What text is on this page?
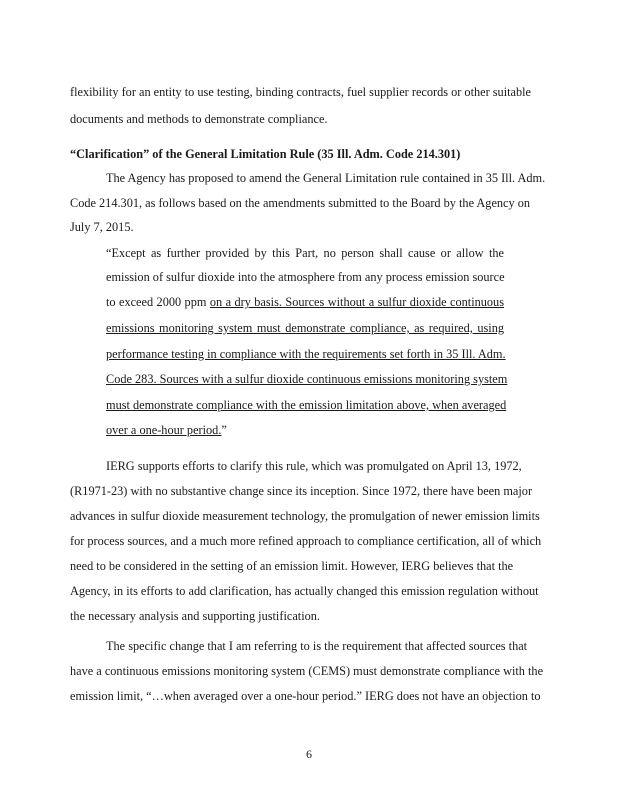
flexibility for an entity to use testing, binding contracts, fuel supplier records or other suitable
documents and methods to demonstrate compliance.
“Clarification” of the General Limitation Rule (35 Ill. Adm. Code 214.301)
The Agency has proposed to amend the General Limitation rule contained in 35 Ill. Adm.
Code 214.301, as follows based on the amendments submitted to the Board by the Agency on
July 7, 2015.
“Except as further provided by this Part, no person shall cause or allow the
emission of sulfur dioxide into the atmosphere from any process emission source
to exceed 2000 ppm on a dry basis. Sources without a sulfur dioxide continuous
emissions monitoring system must demonstrate compliance, as required, using
performance testing in compliance with the requirements set forth in 35 Ill. Adm.
Code 283. Sources with a sulfur dioxide continuous emissions monitoring system
must demonstrate compliance with the emission limitation above, when averaged
over a one-hour period.”
IERG supports efforts to clarify this rule, which was promulgated on April 13, 1972,
(R1971-23) with no substantive change since its inception. Since 1972, there have been major
advances in sulfur dioxide measurement technology, the promulgation of newer emission limits
for process sources, and a much more refined approach to compliance certification, all of which
need to be considered in the setting of an emission limit. However, IERG believes that the
Agency, in its efforts to add clarification, has actually changed this emission regulation without
the necessary analysis and supporting justification.
The specific change that I am referring to is the requirement that affected sources that
have a continuous emissions monitoring system (CEMS) must demonstrate compliance with the
emission limit, “…when averaged over a one-hour period.” IERG does not have an objection to
6
